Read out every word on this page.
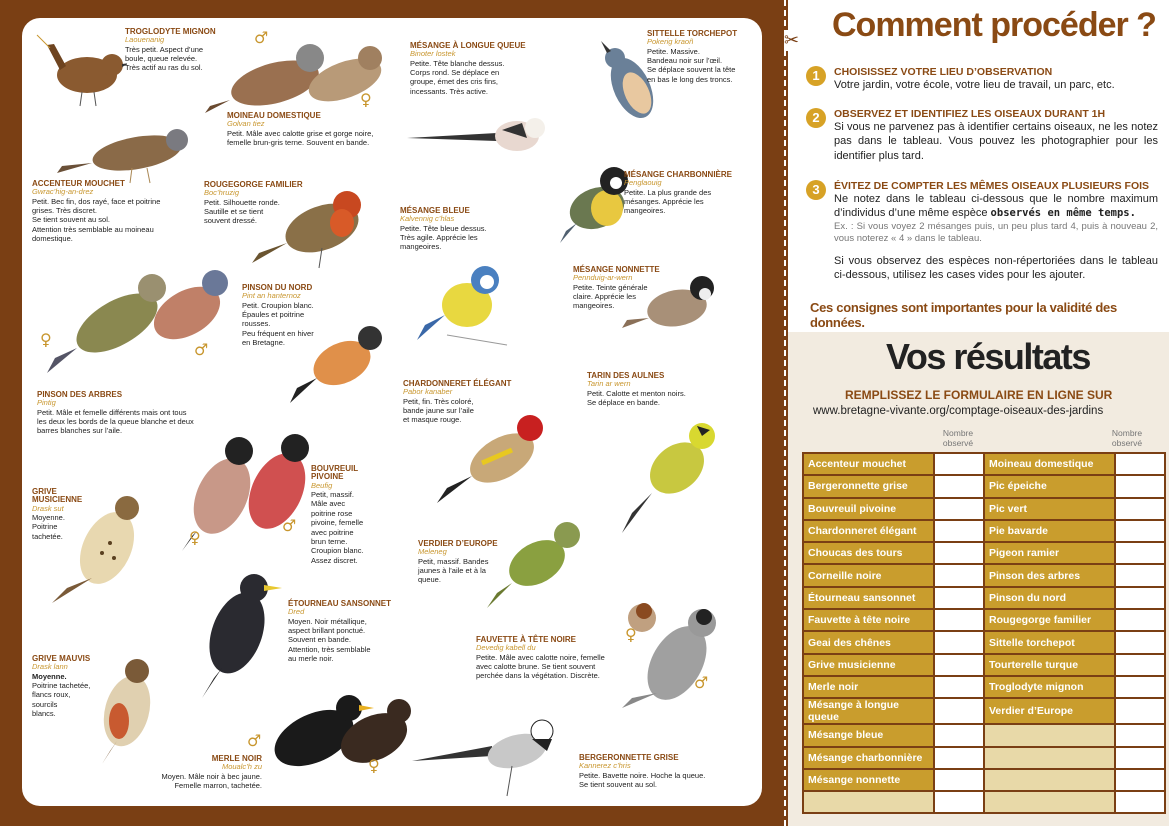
TROGLODYTE MIGNON
Laouenanig
Très petit. Aspect d’une
boule, queue relevée.
Très actif au ras du sol.
♂
♀
MOINEAU DOMESTIQUE
Golvan tiez
Petit. Mâle avec calotte grise et gorge noire,
femelle brun-gris terne. Souvent en bande.
ACCENTEUR MOUCHET
Gwrac’hig-an-drez
Petit. Bec fin, dos rayé, face et poitrine
grises. Très discret.
Se tient souvent au sol.
Attention très semblable au moineau
domestique.
ROUGEGORGE FAMILIER
Boc’hruzig
Petit. Silhouette ronde.
Sautille et se tient
souvent dressé.
MÉSANGE À LONGUE QUEUE
Binoter lostek
Petite. Tête blanche dessus.
Corps rond. Se déplace en
groupe, émet des cris fins,
incessants. Très active.
SITTELLE TORCHEPOT
Pokerig kraoñ
Petite. Massive.
Bandeau noir sur l’œil.
Se déplace souvent la tête
en bas le long des troncs.
MÉSANGE CHARBONNIÈRE
Penglaouig
Petite. La plus grande des
mésanges. Apprécie les
mangeoires.
MÉSANGE BLEUE
Kalvennig c’hlas
Petite. Tête bleue dessus.
Très agile. Apprécie les
mangeoires.
MÉSANGE NONNETTE
Pennduig-ar-wern
Petite. Teinte générale
claire. Apprécie les
mangeoires.
♀
♂
PINSON DES ARBRES
Pintig
Petit. Mâle et femelle différents mais ont tous
les deux les bords de la queue blanche et deux
barres blanches sur l’aile.
PINSON DU NORD
Pint an hanternoz
Petit. Croupion blanc.
Épaules et poitrine
rousses.
Peu fréquent en hiver
en Bretagne.
CHARDONNERET ÉLÉGANT
Pabor kanaber
Petit, fin. Très coloré,
bande jaune sur l’aile
et masque rouge.
TARIN DES AULNES
Tarin ar wern
Petit. Calotte et menton noirs.
Se déplace en bande.
GRIVE
MUSICIENNE
Drask sut
Moyenne.
Poitrine
tachetée.	♀
♂
BOUVREUIL
PIVOINE
Beufig
Petit, massif.
Mâle avec
poitrine rose
pivoine, femelle
avec poitrine
brun terne.
Croupion blanc.
Assez discret.
VERDIER D’EUROPE
Meleneg
Petit, massif. Bandes
jaunes à l’aile et à la
queue.
ÉTOURNEAU SANSONNET
Dred
Moyen. Noir métallique,
aspect brillant ponctué.
Souvent en bande.
Attention, très semblable
au merle noir.
♀
♂
FAUVETTE À TÊTE NOIRE
Devedig kabell du
Petite. Mâle avec calotte noire, femelle
avec calotte brune. Se tient souvent
perchée dans la végétation. Discrète.
GRIVE MAUVIS
Drask lann
Moyenne.
Poitrine tachetée,
flancs roux,
sourcils
blancs.
♂
♀
MERLE NOIR
Moualc’h zu
Moyen. Mâle noir à bec jaune.
Femelle marron, tachetée.
BERGERONNETTE GRISE
Kannerez c’hris
Petite. Bavette noire. Hoche la queue.
Se tient souvent au sol.
✂ Comment procéder ?
1	CHOISISSEZ VOTRE LIEU D’OBSERVATION
Votre jardin, votre école, votre lieu de travail, un parc, etc.
2	OBSERVEZ ET IDENTIFIEZ LES OISEAUX DURANT 1H
Si vous ne parvenez pas à identifier certains oiseaux, ne les notez pas dans le tableau. Vous pouvez les photographier pour les identifier plus tard.
3	ÉVITEZ DE COMPTER LES MÊMES OISEAUX PLUSIEURS FOIS
Ne notez dans le tableau ci-dessous que le nombre maximum d’individus d’une même espèce observés en même temps.
Ex. : Si vous voyez 2 mésanges puis, un peu plus tard 4, puis à nouveau 2, vous noterez « 4 » dans le tableau.
Si vous observez des espèces non-répertoriées dans le tableau ci-dessous, utilisez les cases vides pour les ajouter.
Ces consignes sont importantes pour la validité des données.
Vos résultats
REMPLISSEZ LE FORMULAIRE EN LIGNE SUR
www.bretagne-vivante.org/comptage-oiseaux-des-jardins
Nombre
observé
Nombre
observé
Accenteur mouchet		Moineau domestique	
Bergeronnette grise		Pic épeiche	
Bouvreuil pivoine		Pic vert	
Chardonneret élégant		Pie bavarde	
Choucas des tours		Pigeon ramier	
Corneille noire		Pinson des arbres	
Étourneau sansonnet		Pinson du nord	
Fauvette à tête noire		Rougegorge familier	
Geai des chênes		Sittelle torchepot	
Grive musicienne		Tourterelle turque	
Merle noir		Troglodyte mignon	
Mésange à longue queue		Verdier d’Europe	
Mésange bleue			
Mésange charbonnière			
Mésange nonnette			
